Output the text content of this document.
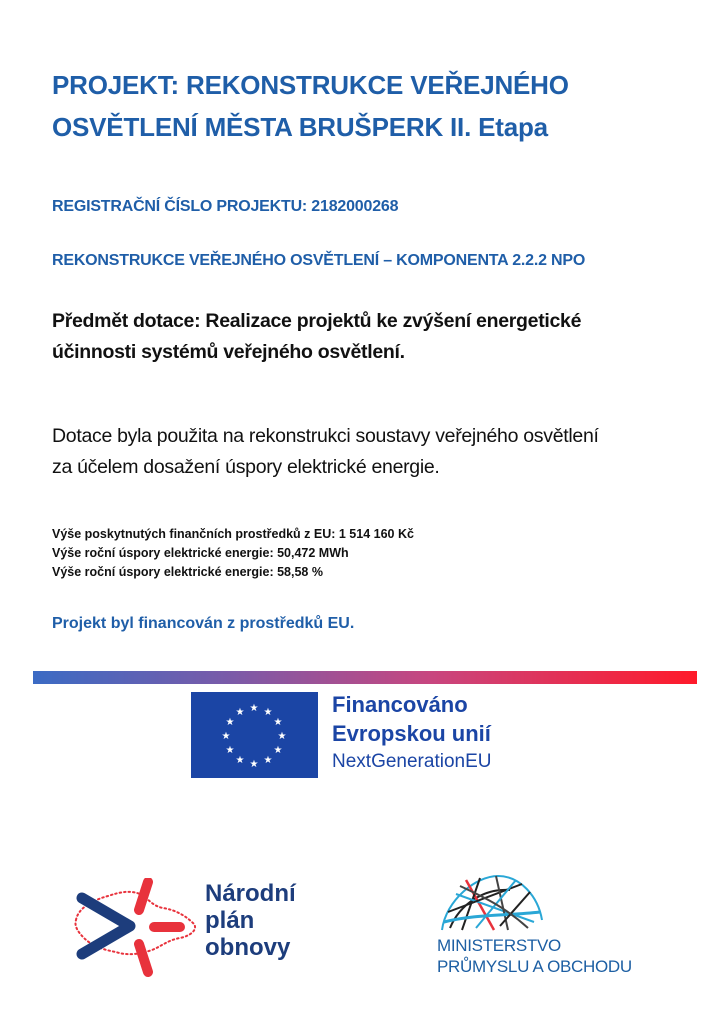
PROJEKT: REKONSTRUKCE VEŘEJNÉHO
OSVĚTLENÍ MĚSTA BRUŠPERK II. Etapa
REGISTRAČNÍ ČÍSLO PROJEKTU: 2182000268
REKONSTRUKCE VEŘEJNÉHO OSVĚTLENÍ – KOMPONENTA 2.2.2 NPO
Předmět dotace: Realizace projektů ke zvýšení energetické
účinnosti systémů veřejného osvětlení.
Dotace byla použita na rekonstrukci soustavy veřejného osvětlení
za účelem dosažení úspory elektrické energie.
Výše poskytnutých finančních prostředků z EU: 1 514 160 Kč
Výše roční úspory elektrické energie: 50,472 MWh
Výše roční úspory elektrické energie: 58,58 %
Projekt byl financován z prostředků EU.
★ ★
★
★
★
★
★
★
★
★
★
★	Financováno
Evropskou unií
NextGenerationEU
Národní
plán
obnovy	MINISTERSTVO
PRŮMYSLU A OBCHODU
